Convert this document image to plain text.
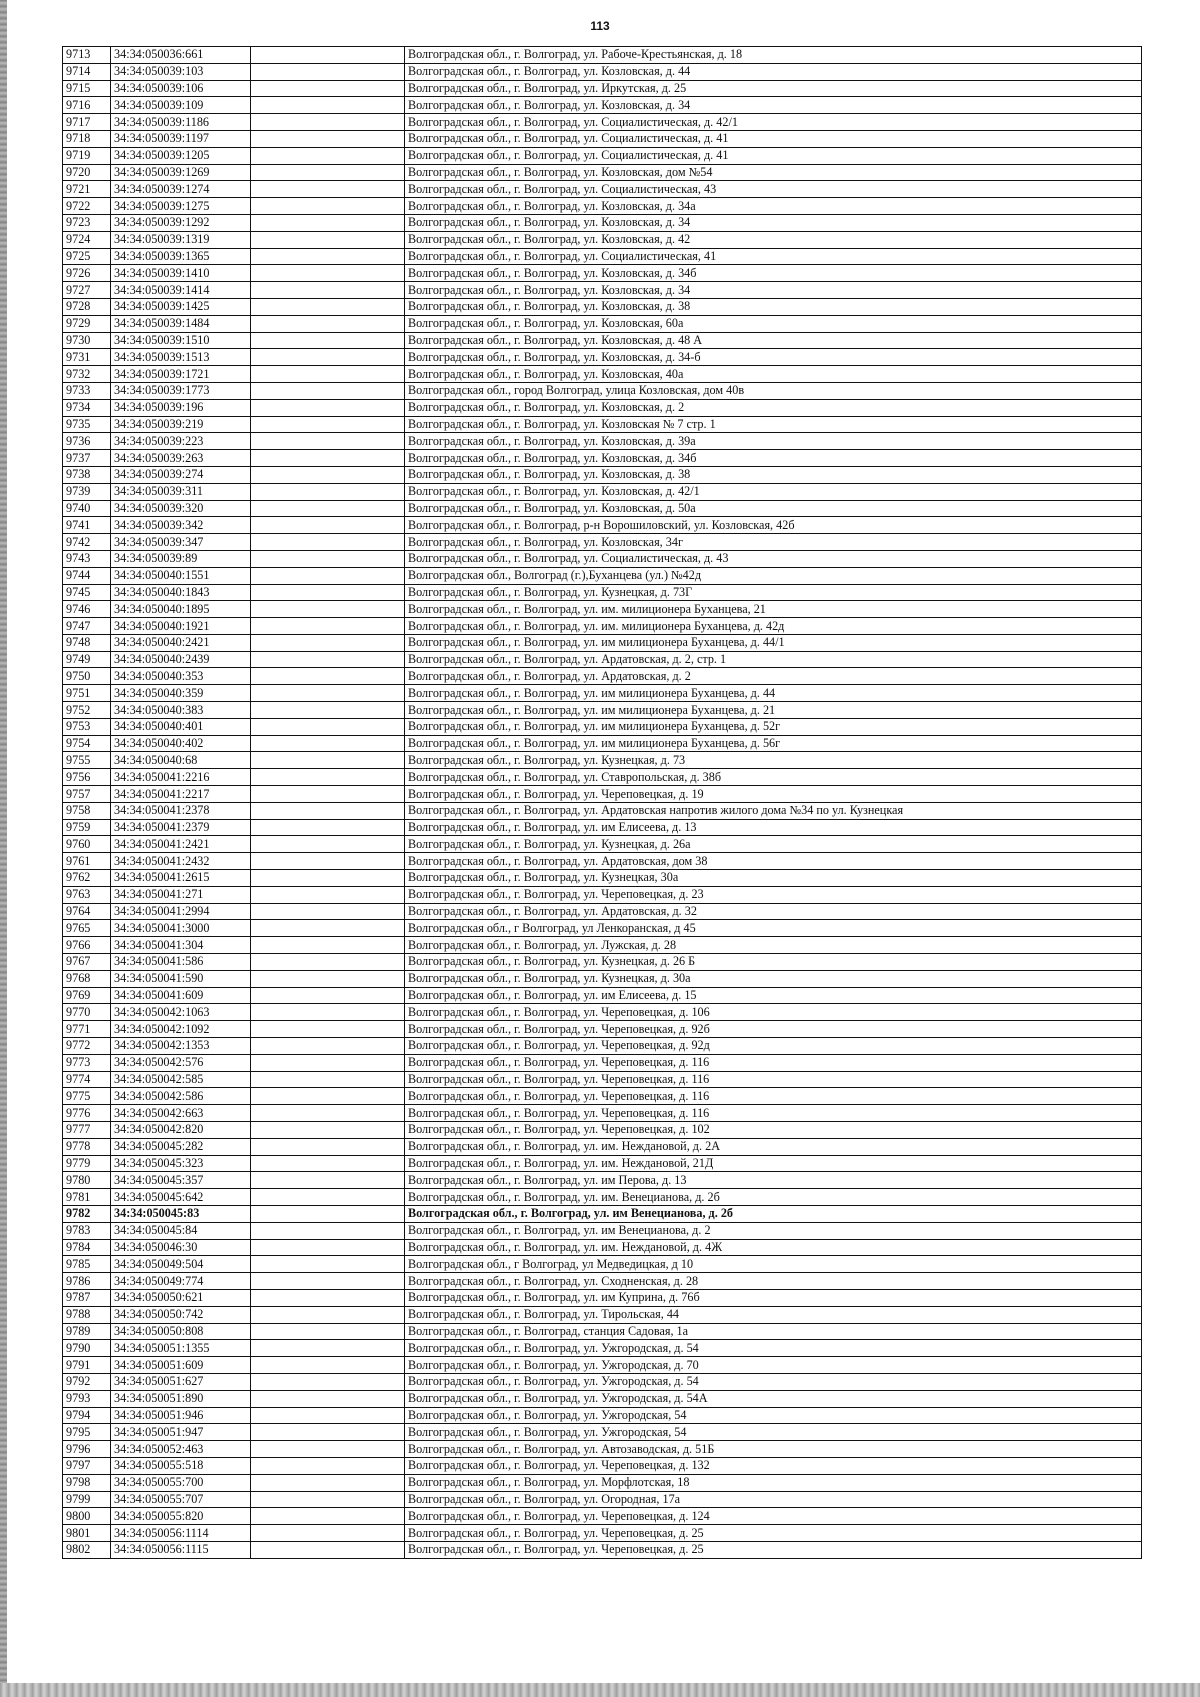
113
9713	34:34:050036:661		Волгоградская обл., г. Волгоград, ул. Рабоче-Крестьянская, д. 18
9714	34:34:050039:103		Волгоградская обл., г. Волгоград, ул. Козловская, д. 44
9715	34:34:050039:106		Волгоградская обл., г. Волгоград, ул. Иркутская, д. 25
9716	34:34:050039:109		Волгоградская обл., г. Волгоград, ул. Козловская, д. 34
9717	34:34:050039:1186		Волгоградская обл., г. Волгоград, ул. Социалистическая, д. 42/1
9718	34:34:050039:1197		Волгоградская обл., г. Волгоград, ул. Социалистическая, д. 41
9719	34:34:050039:1205		Волгоградская обл., г. Волгоград, ул. Социалистическая, д. 41
9720	34:34:050039:1269		Волгоградская обл., г. Волгоград, ул. Козловская, дом №54
9721	34:34:050039:1274		Волгоградская обл., г. Волгоград, ул. Социалистическая, 43
9722	34:34:050039:1275		Волгоградская обл., г. Волгоград, ул. Козловская, д. 34а
9723	34:34:050039:1292		Волгоградская обл., г. Волгоград, ул. Козловская, д. 34
9724	34:34:050039:1319		Волгоградская обл., г. Волгоград, ул. Козловская, д. 42
9725	34:34:050039:1365		Волгоградская обл., г. Волгоград, ул. Социалистическая, 41
9726	34:34:050039:1410		Волгоградская обл., г. Волгоград, ул. Козловская, д. 34б
9727	34:34:050039:1414		Волгоградская обл., г. Волгоград, ул. Козловская, д. 34
9728	34:34:050039:1425		Волгоградская обл., г. Волгоград, ул. Козловская, д. 38
9729	34:34:050039:1484		Волгоградская обл., г. Волгоград, ул. Козловская, 60а
9730	34:34:050039:1510		Волгоградская обл., г. Волгоград, ул. Козловская, д. 48 А
9731	34:34:050039:1513		Волгоградская обл., г. Волгоград, ул. Козловская, д. 34-б
9732	34:34:050039:1721		Волгоградская обл., г. Волгоград, ул. Козловская, 40а
9733	34:34:050039:1773		Волгоградская обл., город Волгоград, улица Козловская, дом 40в
9734	34:34:050039:196		Волгоградская обл., г. Волгоград, ул. Козловская, д. 2
9735	34:34:050039:219		Волгоградская обл., г. Волгоград, ул. Козловская № 7 стр. 1
9736	34:34:050039:223		Волгоградская обл., г. Волгоград, ул. Козловская, д. 39а
9737	34:34:050039:263		Волгоградская обл., г. Волгоград, ул. Козловская, д. 34б
9738	34:34:050039:274		Волгоградская обл., г. Волгоград, ул. Козловская, д. 38
9739	34:34:050039:311		Волгоградская обл., г. Волгоград, ул. Козловская, д. 42/1
9740	34:34:050039:320		Волгоградская обл., г. Волгоград, ул. Козловская, д. 50а
9741	34:34:050039:342		Волгоградская обл., г. Волгоград, р-н Ворошиловский, ул. Козловская, 42б
9742	34:34:050039:347		Волгоградская обл., г. Волгоград, ул. Козловская, 34г
9743	34:34:050039:89		Волгоградская обл., г. Волгоград, ул. Социалистическая, д. 43
9744	34:34:050040:1551		Волгоградская обл., Волгоград (г.),Буханцева (ул.) №42д
9745	34:34:050040:1843		Волгоградская обл., г. Волгоград, ул. Кузнецкая, д. 73Г
9746	34:34:050040:1895		Волгоградская обл., г. Волгоград, ул. им. милиционера Буханцева, 21
9747	34:34:050040:1921		Волгоградская обл., г. Волгоград, ул. им. милиционера Буханцева, д. 42д
9748	34:34:050040:2421		Волгоградская обл., г. Волгоград, ул. им милиционера Буханцева, д. 44/1
9749	34:34:050040:2439		Волгоградская обл., г. Волгоград, ул. Ардатовская, д. 2, стр. 1
9750	34:34:050040:353		Волгоградская обл., г. Волгоград, ул. Ардатовская, д. 2
9751	34:34:050040:359		Волгоградская обл., г. Волгоград, ул. им милиционера Буханцева, д. 44
9752	34:34:050040:383		Волгоградская обл., г. Волгоград, ул. им милиционера Буханцева, д. 21
9753	34:34:050040:401		Волгоградская обл., г. Волгоград, ул. им милиционера Буханцева, д. 52г
9754	34:34:050040:402		Волгоградская обл., г. Волгоград, ул. им милиционера Буханцева, д. 56г
9755	34:34:050040:68		Волгоградская обл., г. Волгоград, ул. Кузнецкая, д. 73
9756	34:34:050041:2216		Волгоградская обл., г. Волгоград, ул. Ставропольская, д. 38б
9757	34:34:050041:2217		Волгоградская обл., г. Волгоград, ул. Череповецкая, д. 19
9758	34:34:050041:2378		Волгоградская обл., г. Волгоград, ул. Ардатовская напротив жилого дома №34 по ул. Кузнецкая
9759	34:34:050041:2379		Волгоградская обл., г. Волгоград, ул. им Елисеева, д. 13
9760	34:34:050041:2421		Волгоградская обл., г. Волгоград, ул. Кузнецкая, д. 26а
9761	34:34:050041:2432		Волгоградская обл., г. Волгоград, ул. Ардатовская, дом 38
9762	34:34:050041:2615		Волгоградская обл., г. Волгоград, ул. Кузнецкая, 30а
9763	34:34:050041:271		Волгоградская обл., г. Волгоград, ул. Череповецкая, д. 23
9764	34:34:050041:2994		Волгоградская обл., г. Волгоград, ул. Ардатовская, д. 32
9765	34:34:050041:3000		Волгоградская обл., г Волгоград, ул Ленкоранская, д 45
9766	34:34:050041:304		Волгоградская обл., г. Волгоград, ул. Лужская, д. 28
9767	34:34:050041:586		Волгоградская обл., г. Волгоград, ул. Кузнецкая, д. 26 Б
9768	34:34:050041:590		Волгоградская обл., г. Волгоград, ул. Кузнецкая, д. 30а
9769	34:34:050041:609		Волгоградская обл., г. Волгоград, ул. им Елисеева, д. 15
9770	34:34:050042:1063		Волгоградская обл., г. Волгоград, ул. Череповецкая, д. 106
9771	34:34:050042:1092		Волгоградская обл., г. Волгоград, ул. Череповецкая, д. 92б
9772	34:34:050042:1353		Волгоградская обл., г. Волгоград, ул. Череповецкая, д. 92д
9773	34:34:050042:576		Волгоградская обл., г. Волгоград, ул. Череповецкая, д. 116
9774	34:34:050042:585		Волгоградская обл., г. Волгоград, ул. Череповецкая, д. 116
9775	34:34:050042:586		Волгоградская обл., г. Волгоград, ул. Череповецкая, д. 116
9776	34:34:050042:663		Волгоградская обл., г. Волгоград, ул. Череповецкая, д. 116
9777	34:34:050042:820		Волгоградская обл., г. Волгоград, ул. Череповецкая, д. 102
9778	34:34:050045:282		Волгоградская обл., г. Волгоград, ул. им. Неждановой, д. 2А
9779	34:34:050045:323		Волгоградская обл., г. Волгоград, ул. им. Неждановой, 21Д
9780	34:34:050045:357		Волгоградская обл., г. Волгоград, ул. им Перова, д. 13
9781	34:34:050045:642		Волгоградская обл., г. Волгоград, ул. им. Венецианова, д. 2б
9782	34:34:050045:83		Волгоградская обл., г. Волгоград, ул. им Венецианова, д. 2б
9783	34:34:050045:84		Волгоградская обл., г. Волгоград, ул. им Венецианова, д. 2
9784	34:34:050046:30		Волгоградская обл., г. Волгоград, ул. им. Неждановой, д. 4Ж
9785	34:34:050049:504		Волгоградская обл., г Волгоград, ул Медведицкая, д 10
9786	34:34:050049:774		Волгоградская обл., г. Волгоград, ул. Сходненская, д. 28
9787	34:34:050050:621		Волгоградская обл., г. Волгоград, ул. им Куприна, д. 76б
9788	34:34:050050:742		Волгоградская обл., г. Волгоград, ул. Тирольская, 44
9789	34:34:050050:808		Волгоградская обл., г. Волгоград, станция Садовая, 1а
9790	34:34:050051:1355		Волгоградская обл., г. Волгоград, ул. Ужгородская, д. 54
9791	34:34:050051:609		Волгоградская обл., г. Волгоград, ул. Ужгородская, д. 70
9792	34:34:050051:627		Волгоградская обл., г. Волгоград, ул. Ужгородская, д. 54
9793	34:34:050051:890		Волгоградская обл., г. Волгоград, ул. Ужгородская, д. 54А
9794	34:34:050051:946		Волгоградская обл., г. Волгоград, ул. Ужгородская, 54
9795	34:34:050051:947		Волгоградская обл., г. Волгоград, ул. Ужгородская, 54
9796	34:34:050052:463		Волгоградская обл., г. Волгоград, ул. Автозаводская, д. 51Б
9797	34:34:050055:518		Волгоградская обл., г. Волгоград, ул. Череповецкая, д. 132
9798	34:34:050055:700		Волгоградская обл., г. Волгоград, ул. Морфлотская, 18
9799	34:34:050055:707		Волгоградская обл., г. Волгоград, ул. Огородная, 17а
9800	34:34:050055:820		Волгоградская обл., г. Волгоград, ул. Череповецкая, д. 124
9801	34:34:050056:1114		Волгоградская обл., г. Волгоград, ул. Череповецкая, д. 25
9802	34:34:050056:1115		Волгоградская обл., г. Волгоград, ул. Череповецкая, д. 25
